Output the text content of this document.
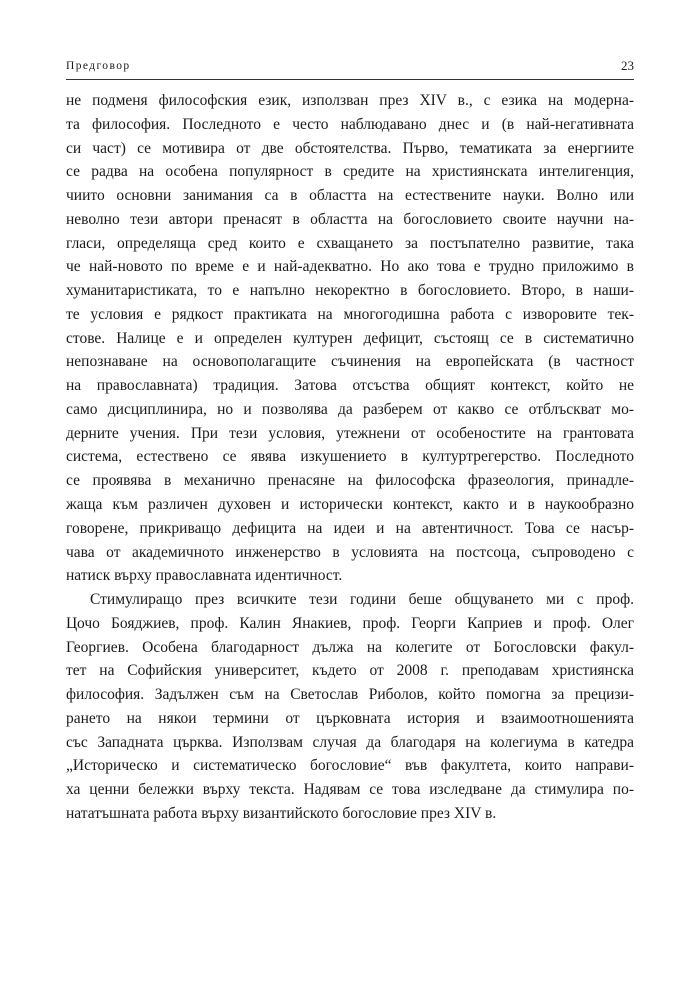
Предговор	23
не подменя философския език, използван през XIV в., с езика на модерна-
та философия. Последното е често наблюдавано днес и (в най-негативната
си част) се мотивира от две обстоятелства. Първо, тематиката за енергиите
се радва на особена популярност в средите на християнската интелигенция,
чиито основни занимания са в областта на естествените науки. Волно или
неволно тези автори пренасят в областта на богословието своите научни на-
гласи, определяща сред които е схващането за постъпателно развитие, така
че най-новото по време е и най-адекватно. Но ако това е трудно приложимо в
хуманитаристиката, то е напълно некоректно в богословието. Второ, в наши-
те условия е рядкост практиката на многогодишна работа с изворовите тек-
стове. Налице е и определен културен дефицит, състоящ се в систематично
непознаване на основополагащите съчинения на европейската (в частност
на православната) традиция. Затова отсъства общият контекст, който не
само дисциплинира, но и позволява да разберем от какво се отблъскват мо-
дерните учения. При тези условия, утежнени от особеностите на грантовата
система, естествено се явява изкушението в културтрегерство. Последното
се проявява в механично пренасяне на философска фразеология, принадле-
жаща към различен духовен и исторически контекст, както и в наукообразно
говорене, прикриващо дефицита на идеи и на автентичност. Това се насър-
чава от академичното инженерство в условията на постсоца, съпроводено с
натиск върху православната идентичност.
Стимулиращо през всичките тези години беше общуването ми с проф.
Цочо Бояджиев, проф. Калин Янакиев, проф. Георги Каприев и проф. Олег
Георгиев. Особена благодарност дължа на колегите от Богословски факул-
тет на Софийския университет, където от 2008 г. преподавам християнска
философия. Задължен съм на Светослав Риболов, който помогна за прецизи-
рането на някои термини от църковната история и взаимоотношенията
със Западната църква. Използвам случая да благодаря на колегиума в катедра
„Историческо и систематическо богословие“ във факултета, които направи-
ха ценни бележки върху текста. Надявам се това изследване да стимулира по-
нататъшната работа върху византийското богословие през XIV в.
